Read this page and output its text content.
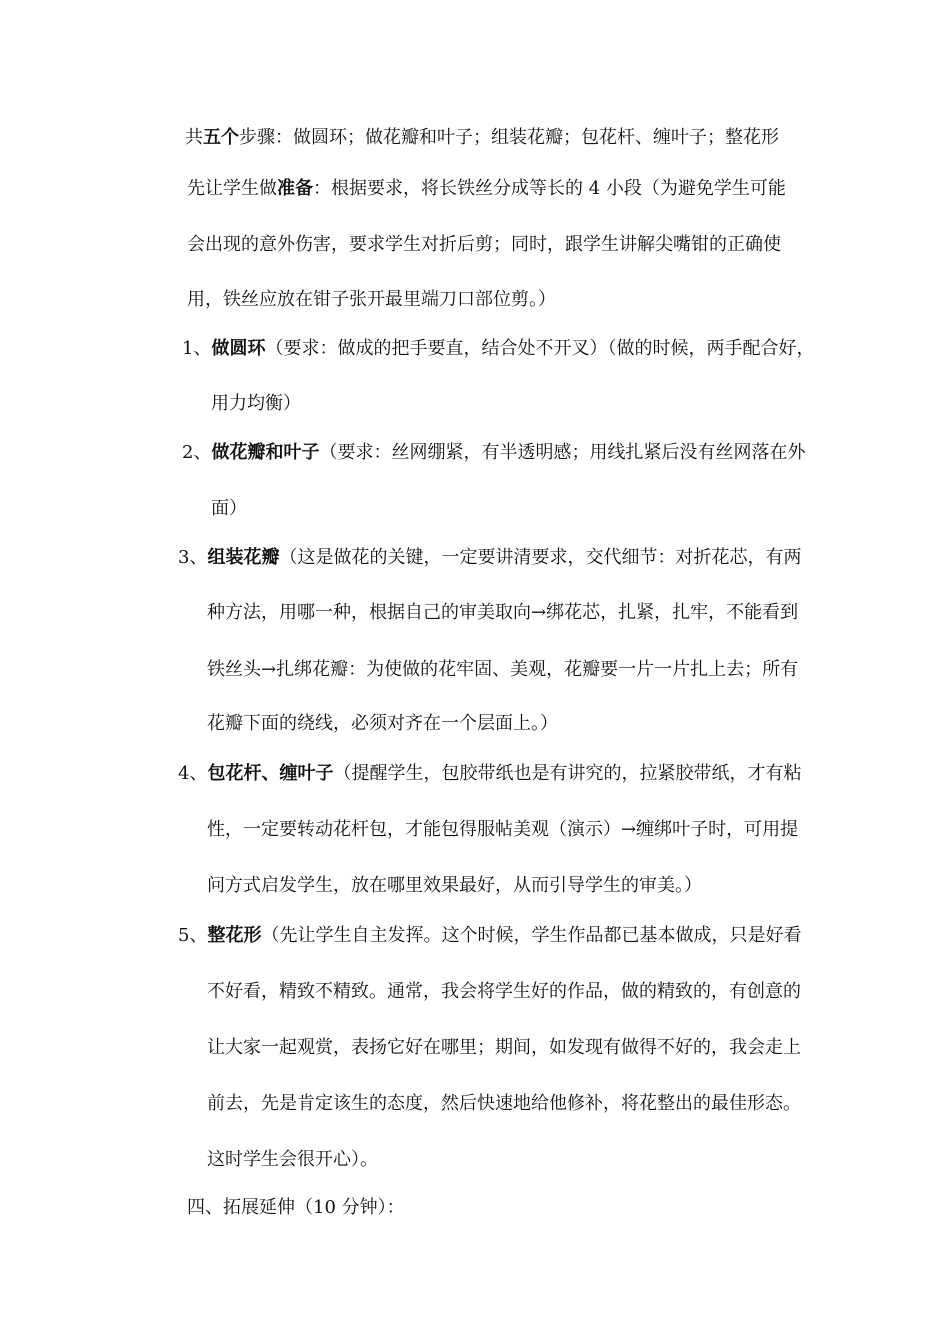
共五个步骤：做圆环；做花瓣和叶子；组装花瓣；包花杆、缠叶子；整花形
先让学生做准备：根据要求，将长铁丝分成等长的 4 小段（为避免学生可能
会出现的意外伤害，要求学生对折后剪；同时，跟学生讲解尖嘴钳的正确使
用，铁丝应放在钳子张开最里端刀口部位剪。）
1、做圆环（要求：做成的把手要直，结合处不开叉）（做的时候，两手配合好，
用力均衡）
2、做花瓣和叶子（要求：丝网绷紧，有半透明感；用线扎紧后没有丝网落在外
面）
3、组装花瓣（这是做花的关键，一定要讲清要求，交代细节：对折花芯，有两
种方法，用哪一种，根据自己的审美取向→绑花芯，扎紧，扎牢，不能看到
铁丝头→扎绑花瓣：为使做的花牢固、美观，花瓣要一片一片扎上去；所有
花瓣下面的绕线，必须对齐在一个层面上。）
4、包花杆、缠叶子（提醒学生，包胶带纸也是有讲究的，拉紧胶带纸，才有粘
性，一定要转动花杆包，才能包得服帖美观（演示）→缠绑叶子时，可用提
问方式启发学生，放在哪里效果最好，从而引导学生的审美。）
5、整花形（先让学生自主发挥。这个时候，学生作品都已基本做成，只是好看
不好看，精致不精致。通常，我会将学生好的作品，做的精致的，有创意的
让大家一起观赏，表扬它好在哪里；期间，如发现有做得不好的，我会走上
前去，先是肯定该生的态度，然后快速地给他修补，将花整出的最佳形态。
这时学生会很开心）。
四、拓展延伸（10 分钟）：
